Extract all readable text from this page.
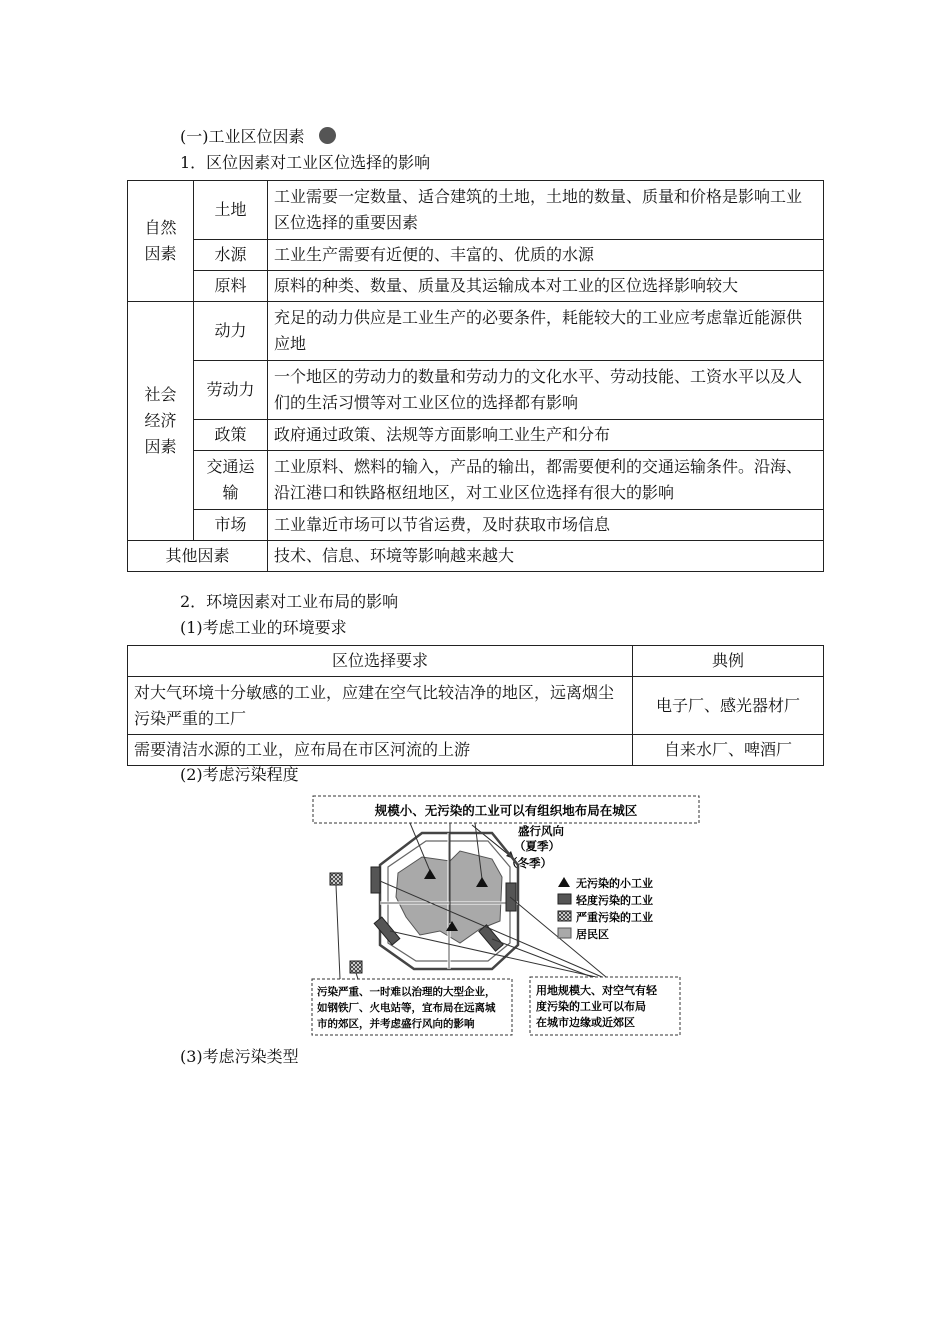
(一)工业区位因素
1．区位因素对工业区位选择的影响
自然
因素	土地	工业需要一定数量、适合建筑的土地，土地的数量、质量和价格是影响工业区位选择的重要因素
	水源	工业生产需要有近便的、丰富的、优质的水源
	原料	原料的种类、数量、质量及其运输成本对工业的区位选择影响较大
社会
经济
因素	动力	充足的动力供应是工业生产的必要条件，耗能较大的工业应考虑靠近能源供应地
	劳动力	一个地区的劳动力的数量和劳动力的文化水平、劳动技能、工资水平以及人们的生活习惯等对工业区位的选择都有影响
	政策	政府通过政策、法规等方面影响工业生产和分布
	交通运输	工业原料、燃料的输入，产品的输出，都需要便利的交通运输条件。沿海、沿江港口和铁路枢纽地区，对工业区位选择有很大的影响
	市场	工业靠近市场可以节省运费，及时获取市场信息
其他因素		技术、信息、环境等影响越来越大
2．环境因素对工业布局的影响
(1)考虑工业的环境要求
区位选择要求	典例
对大气环境十分敏感的工业，应建在空气比较洁净的地区，远离烟尘污染严重的工厂	电子厂、感光器材厂
需要清洁水源的工业，应布局在市区河流的上游	自来水厂、啤酒厂
(2)考虑污染程度
规模小、无污染的工业可以有组织地布局在城区
盛行风向
（夏季）
（冬季）
无污染的小工业
轻度污染的工业
严重污染的工业
居民区
污染严重、一时难以治理的大型企业，
如钢铁厂、火电站等，宜布局在远离城
市的郊区，并考虑盛行风向的影响
用地规模大、对空气有轻
度污染的工业可以布局
在城市边缘或近郊区
(3)考虑污染类型
